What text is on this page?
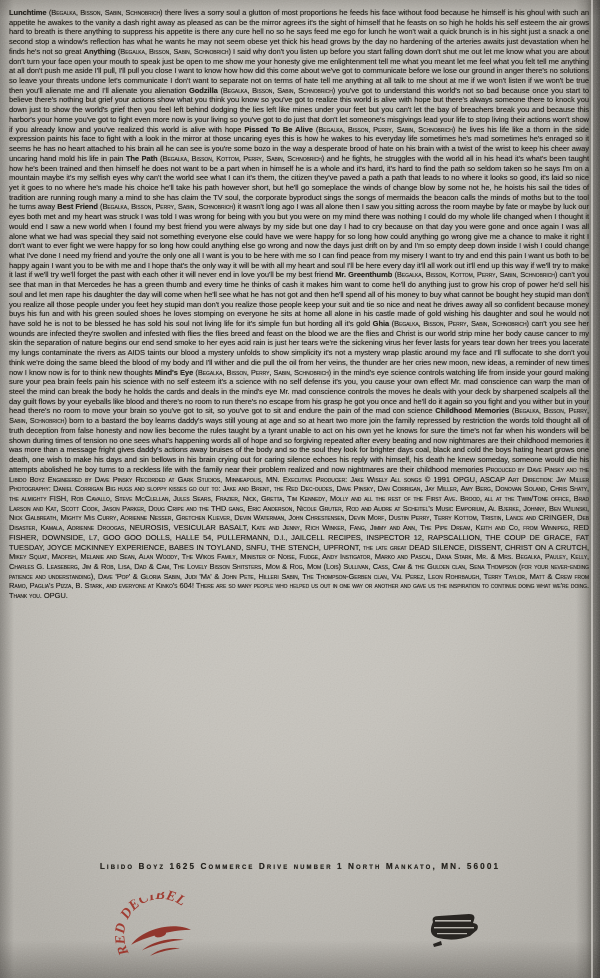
Lunchtime (Begalka, Bisson, Sabin, Schnobrich) there lives a sorry soul a glutton of most proportions he feeds his face without food because he himself is his ghoul with such an appetite he awakes to the vanity a dash right away as pleased as can be the mirror agrees it's the sight of himself that he feasts on so high he holds his self esteem the air grows hard to breath is there anything to suppress his appetite is there any cure hell no so he says feed me ego for lunch he won't wait a quick brunch is in his sight just a snack a one second stop a window's reflection has what he wants he may not seem obese yet thick his head grows by the day no hardening of the arteries awaits just devastation when he finds he's not so great Anything (Begalka, Bisson, Sabin, Schnobrich) I said why don't you listen up before you start falling down don't shut me out let me know what you are about don't turn your face open your mouth to speak just be open to me show me your honesty give me enlightenment tell me what you meant let me feel what you felt tell me anything at all don't push me aside I'll pull, I'll pull you close I want to know how how did this come about we've got to communicate before we lose our ground in anger there's no solutions so leave your threats undone let's communicate I don't want to separate not on terms of hate tell me anything at all talk to me shout at me if we won't listen if we won't be true then you'll alienate me and I'll alienate you alienation Godzilla (Begalka, Bisson, Sabin, Schnobrich) you've got to understand this world's not so bad because once you start to believe there's nothing but grief your actions show what you think you know so you've got to realize this world is alive with hope but there's always someone there to knock you down just to show the world's grief then you feel left behind dodging the lies left like mines under your feet but you can't let the bay of breachers break you and because this harbor's your home you've got to fight even more now is your living so you've got to do just that don't let someone's misgivings lead your life to stop living their actions won't show if you already know and you've realized this world is alive with hope Pissed To Be Alive (Begalka, Bisson, Perry, Sabin, Schnobrich) he lives his life like a thorn in the side expression paints his face to fight with a look in the mirror at those uncaring eyes this is how he wakes to his everyday life sometimes he's mad sometimes he's enraged so it seems he has no heart attached to his brain all he can see is you're some bozo in the way a desperate brood of hate on his brain with a twist of the wrist to keep his cheer away uncaring hand mold his life in pain The Path (Begalka, Bisson, Kottom, Perry, Sabin, Schnobrich) and he fights, he struggles with the world all in his head it's what's been taught how he's been trained and then himself he does not want to be a part when in himself he is a whole and it's hard, it's hard to find the path so seldom taken so he says I'm on a mountain maybe it's my selfish eyes why can't the world see what I can it's them, the citizen they've paved a path a path that leads to no where it looks so good, it's laid so nice yet it goes to no where he's made his choice he'll take his path however short, but he'll go someplace the winds of change blow by some not he, he hoists his sail the tides of tradition are running rough many a mind to she has claim the TV soul, the corporate byproduct sings the songs of mermaids the beacon calls the minds of moths but to the tool he turns away Best Friend (Begalka, Bisson, Perry, Sabin, Schnobrich) it wasn't long ago I was all alone then I saw you sitting across the room maybe by fate or maybe by luck our eyes both met and my heart was struck I was told I was wrong for being with you but you were on my mind there was nothing I could do my whole life changed when I thought it would end I saw a new world when I found my best friend you were always by my side but one day I had to cry because on that day you were gone and once again I was all alone what we had was special they said not something everyone else could have we were happy for so long how could anything go wrong give me a chance to make it right I don't want to ever fight we were happy for so long how could anything else go wrong and now the days just drift on by and I'm so empty deep down inside I wish I could change what I've done I need my friend and you're the only one all I want is you to be here with me so I can find peace from my misery I want to try and end this pain I want us both to be happy again I want you to be with me and I hope that's the only way it will be with all my heart and soul I'll be here every day it'll all work out it'll end up this way if we'll try to make it last if we'll try we'll forget the past with each other it will never end in love you'll be my best friend Mr. Greenthumb (Begalka, Bisson, Kottom, Perry, Sabin, Schnobrich) can't you see that man in that Mercedes he has a green thumb and every time he thinks of cash it makes him want to come he'll do anything just to grow his crop of power he'd sell his soul and let men rape his daughter the day will come when he'll see what he has not got and then he'll spend all of his money to buy what cannot be bought hey stupid man don't you realize all those people under you feet hey stupid man don't you realize those people keep your suit and tie so nice and neat he drives away all so confident because money buys his fun and with his green souled shoes he loves stomping on everyone he sits at home all alone in his castle made of gold wishing his daughter and soul he would not have sold he is not to be blessed he has sold his soul not living life for it's simple fun but hording all it's gold Ghia (Begalka, Bisson, Perry, Sabin, Schnobrich) can't you see her wounds are infected they're swollen and infested with flies the flies breed and feast on the blood we are the flies and Christ is our world strip mine her body cause cancer to my skin the separation of nature begins our end send smoke to her eyes acid rain is just her tears we're the sickening virus her fever lasts for years tear down her trees you lacerate my lungs contaminate the rivers as AIDS taints our blood a mystery unfolds to show simplicity it's not a mystery wrap plastic around my face and I'll suffocate to she don't you think we're doing the same bleed the blood of my body and I'll wither and die pull the oil from her veins, the thunder are her cries new moon, new ideas, a reminder of new times now I know now is for to think new thoughts Mind's Eye (Begalka, Bisson, Perry, Sabin, Schnobrich) in the mind's eye science controls watching life from inside your gourd making sure your pea brain feels pain his science with no self esteem it's a science with no self defense it's you, you cause your own effect Mr. mad conscience can warp the man of steel the mind can break the body he holds the cards and deals in the mind's eye Mr. mad conscience controls the moves he deals with your deck by sharpened scalpels all the day guilt flows by your eyeballs like blood and there's no room to run there's no escape from his grasp he got you once and he'll do it again so you fight and you wither but in your head there's no room to move your brain so you've got to sit, so you've got to sit and endure the pain of the mad con science Childhood Memories (Begalka, Bisson, Perry, Sabin, Schnobrich) born to a bastard the boy learns daddy's ways still young at age and so at heart two more join the family repressed by restriction the words told thought all of truth deception from false honesty and now lies become the rules taught by a tyrant unable to act on his own yet he knows for sure the time's not far when his wonders will be shown during times of tension no one sees what's happening words all of hope and so forgiving repeated after every beating and now nightmares are their childhood memories it was more than a message fright gives daddy's actions away bruises of the body and so the soul they look for brighter days coal, black and cold the boys hating heart grows one death, one wish to make his days and sin bellows in his brain crying out for caring silence echoes his reply with himself, his death he knew someday, someone would die his attempts abolished he boy turns to a reckless life with the family near their problem realized and now nightmares are their childhood memories Produced by Dave Pinsky and the Libido Boyz Engineered by Dave Pinsky Recorded at Gark Studios, Minneapolis, MN. Executive Producer: Jake Wisely All songs © 1991 OPGU, ASCAP Art Direction: Jay Miller Photography: Daniel Corrigan Big hugs and sloppy kisses go out to: Jake and Brent, the Red Dec-dudes, Dave Pinsky, Dan Corrigan, Jay Miller, Amy Berg, Donovan Soland, Chris Shaty, the almighty FISH, Rob Cavallo, Steve McClellan, Jules Sears, Frazier, Nick, Gretta, Tim Kennedy, Molly and all the rest of the First Ave. Brood, all at the Twin/Tone office, Brad Larson and Kat, Scott Cook, Jason Parker, Doug Cripe and the THD gang, Eric Anderson, Nicole Gruter, Rod and Audre at Scheitel's Music Emporium, Al Bjerke, Johnny, Ben Wilinski, Nick Galbreath, Mighty Mis Curry, Adrienne Nesser, Gretchen Kliever, Devin Waterman, John Chrestensen, Devin Morf, Dustin Perry, Terry Kottom, Tristin, Lance and CRINGER, Deb Disaster, Kamala, Adrienne Droogas, NEUROSIS, VESICULAR BASALT, Kate and Jenny, Rich Winker, Fang, Jimmy and Ann, The Pipe Dream, Keith and Co, from Winnipeg, RED FISHER, DOWNSIDE, L7, GOO GOO DOLLS, HALLE 54, PULLERMANN, D.I., JAILCELL RECIPES, INSPECTOR 12, RAPSCALLION, THE COUP DE GRACE, FAT TUESDAY, JOYCE MCKINNEY EXPERIENCE, BABES IN TOYLAND, SNFU, THE STENCH, UPFRONT, the late great DEAD SILENCE, DISSENT, CHRIST ON A CRUTCH, Mikey Squat, Madfish, Melanie and Sean, Alan Woody, The Wikos Family, Minister of Noise, Fudge, Andy Instigator, Marko and Pascal, Dana Stark, Mr. & Mrs. Begalka, Pauley, Kelly, Charles G. Leaseberg, Jim & Rob, Lisa, Dad & Cam, The Lovely Bisson Shitsters, Mom & Rog, Mom (Lois) Sullivan, Cass, Cam & the Gulden clan, Sena Thompson (for your never-ending patience and understanding), Dave 'Pop' & Gloria Sabin, Judi 'Ma' & John Pete, Hilleri Sabin, The Thompson-Gerben clan, Val Perez, Leon Rohrbaugh, Terry Taylor, Matt & Crew from Ramo, Paglia's Pizza, B. Stark, and everyone at Kinko's 604! There are so many people who helped us out in one way or another and gave us the inspiration to continue doing what we're doing. Thank you. OPGU.
Libido Boyz 1625 Commerce Drive number 1 North Mankato, MN. 56001
RED DECIBEL
